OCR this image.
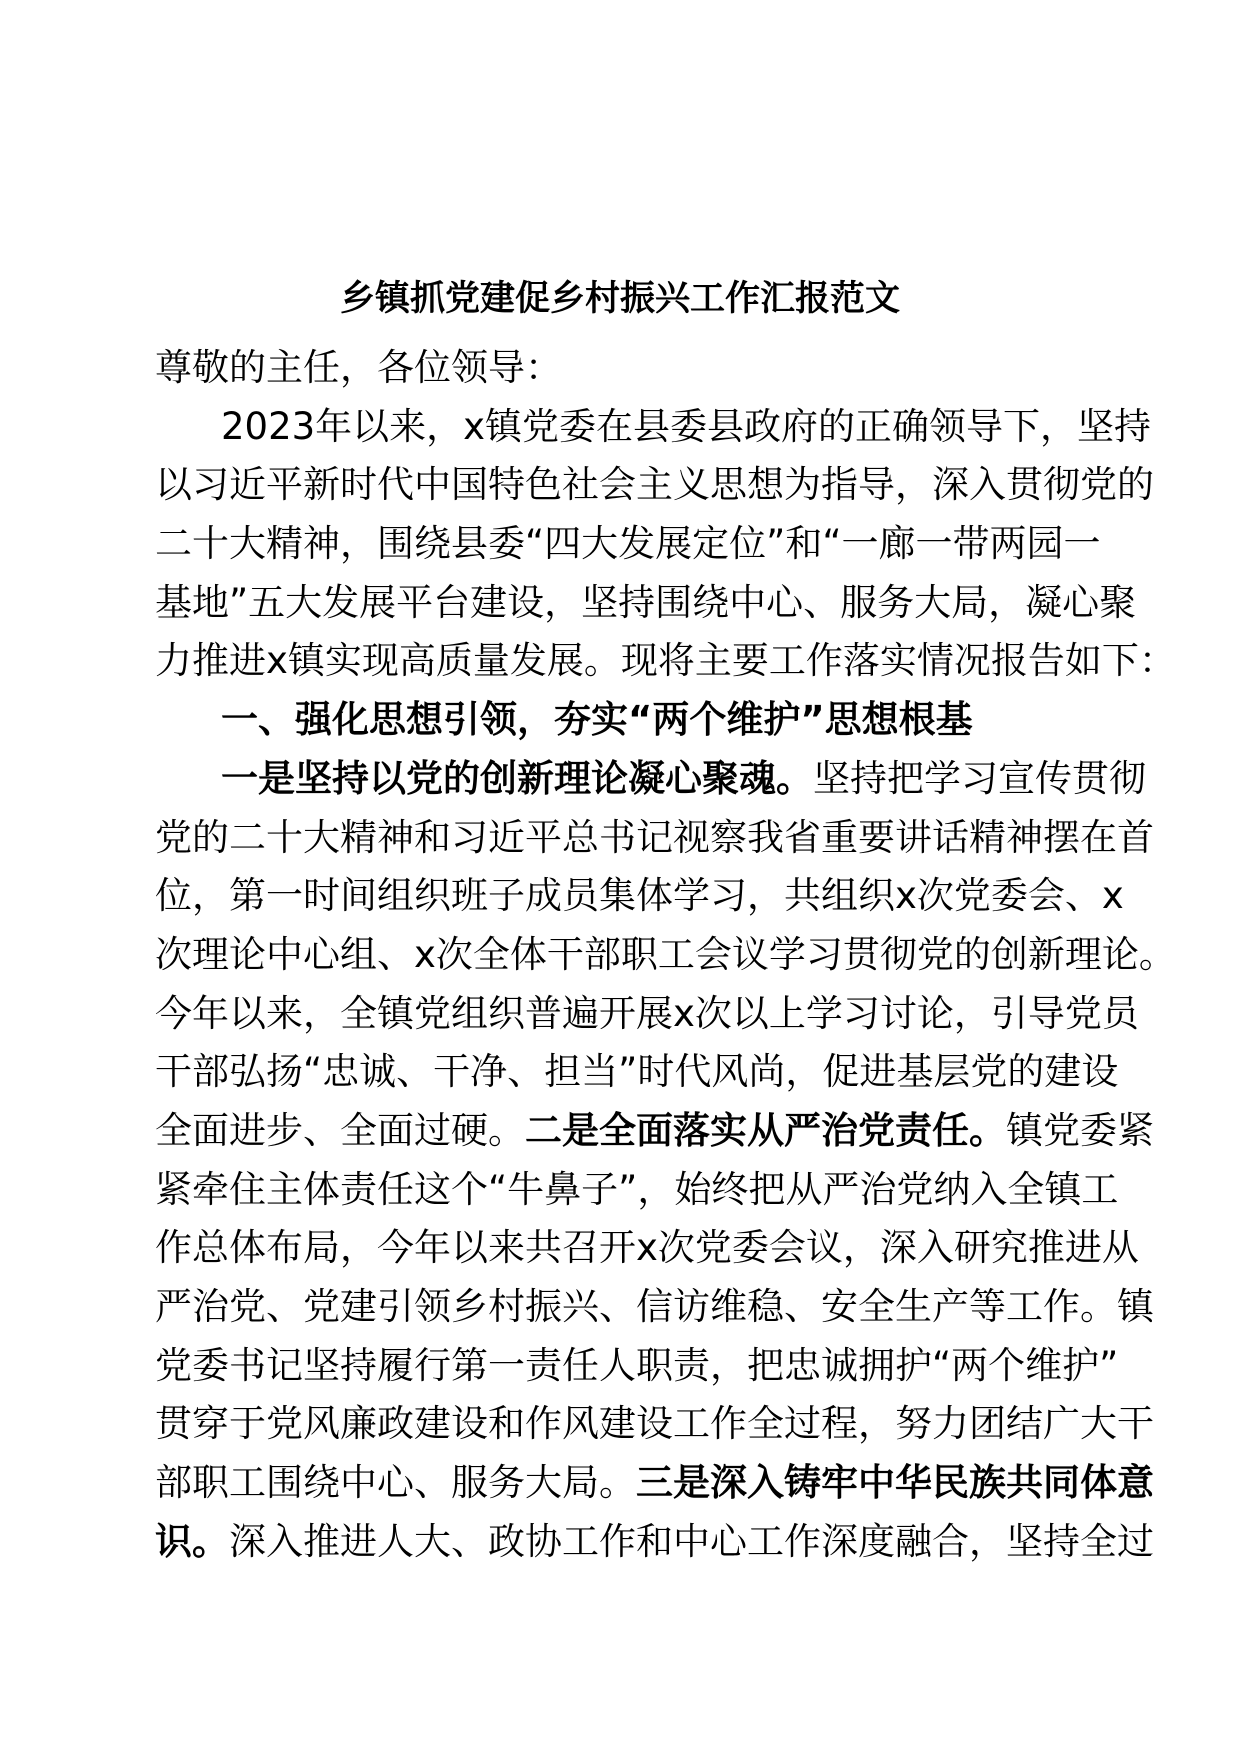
乡镇抓党建促乡村振兴工作汇报范文
尊敬的主任，各位领导：
2023年以来，x镇党委在县委县政府的正确领导下，坚持
以习近平新时代中国特色社会主义思想为指导，深入贯彻党的
二十大精神，围绕县委“四大发展定位”和“一廊一带两园一
基地”五大发展平台建设，坚持围绕中心、服务大局，凝心聚
力推进x镇实现高质量发展。现将主要工作落实情况报告如下：
一、强化思想引领，夯实“两个维护”思想根基
一是坚持以党的创新理论凝心聚魂。坚持把学习宣传贯彻
党的二十大精神和习近平总书记视察我省重要讲话精神摆在首
位，第一时间组织班子成员集体学习，共组织x次党委会、x
次理论中心组、x次全体干部职工会议学习贯彻党的创新理论。
今年以来，全镇党组织普遍开展x次以上学习讨论，引导党员
干部弘扬“忠诚、干净、担当”时代风尚，促进基层党的建设
全面进步、全面过硬。二是全面落实从严治党责任。镇党委紧
紧牵住主体责任这个“牛鼻子”，始终把从严治党纳入全镇工
作总体布局，今年以来共召开x次党委会议，深入研究推进从
严治党、党建引领乡村振兴、信访维稳、安全生产等工作。镇
党委书记坚持履行第一责任人职责，把忠诚拥护“两个维护”
贯穿于党风廉政建设和作风建设工作全过程，努力团结广大干
部职工围绕中心、服务大局。三是深入铸牢中华民族共同体意
识。深入推进人大、政协工作和中心工作深度融合，坚持全过
